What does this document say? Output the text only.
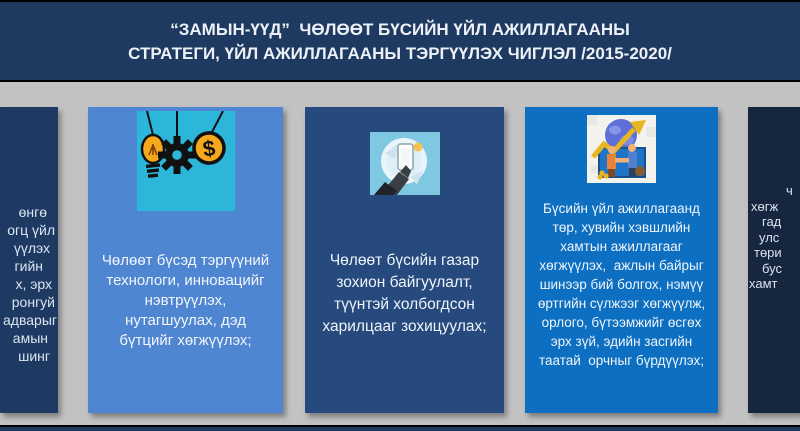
“ЗАМЫН-ҮҮД”  ЧӨЛӨӨТ БҮСИЙН ҮЙЛ АЖИЛЛАГААНЫ
СТРАТЕГИ, ҮЙЛ АЖИЛЛАГААНЫ ТЭРГҮҮЛЭХ ЧИГЛЭЛ /2015-2020/
өнгө
огц үйл
үүлэх
гийн
х, эрх
ронгуй
адварыг
амын
шинг
$
Чөлөөт бүсэд тэргүүний
технологи, инновацийг
нэвтрүүлэх,
нутагшуулах, дэд
бүтцийг хөгжүүлэх;
Чөлөөт бүсийн газар
зохион байгуулалт,
түүнтэй холбогдсон
харилцааг зохицуулах;
Бүсийн үйл ажиллагаанд
төр, хувийн хэвшлийн
хамтын ажиллагааг
хөгжүүлэх,  ажлын байрыг
шинээр бий болгох, нэмүү
өртгийн сүлжээг хөгжүүлж,
орлого, бүтээмжийг өсгөх
эрх зүй, эдийн засгийн
таатай  орчныг бүрдүүлэх;
ч
хөгж
гад
улс
төри
бус
хамт
